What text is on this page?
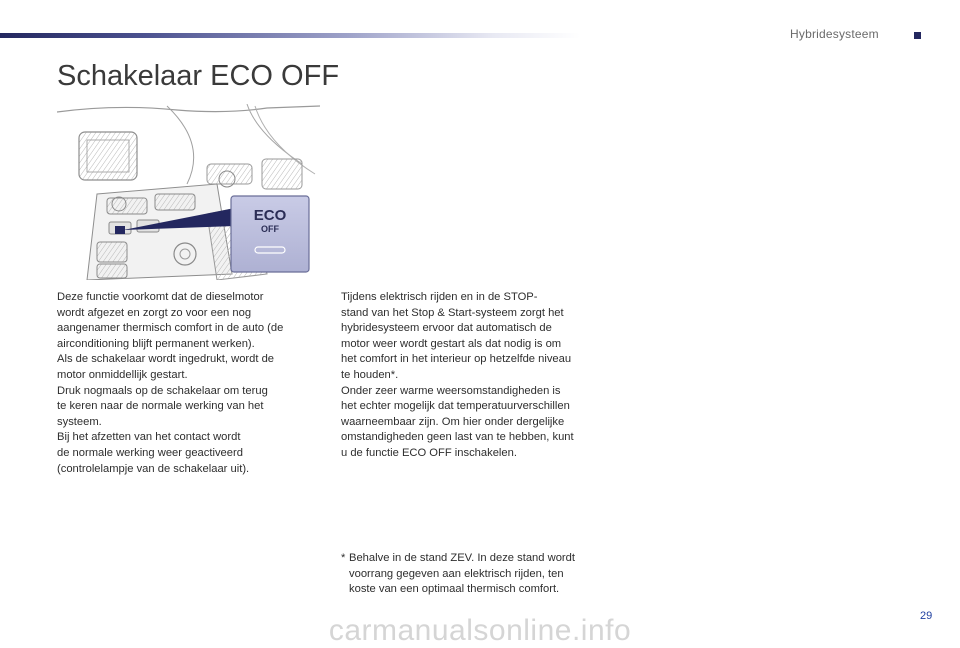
Hybridesysteem
Schakelaar ECO OFF
ECO
OFF

Deze functie voorkomt dat de dieselmotor
wordt afgezet en zorgt zo voor een nog
aangenamer thermisch comfort in de auto (de
airconditioning blijft permanent werken).
Als de schakelaar wordt ingedrukt, wordt de
motor onmiddellijk gestart.
Druk nogmaals op de schakelaar om terug
te keren naar de normale werking van het
systeem.
Bij het afzetten van het contact wordt
de normale werking weer geactiveerd
(controlelampje van de schakelaar uit).

Tijdens elektrisch rijden en in de STOP-
stand van het Stop & Start-systeem zorgt het
hybridesysteem ervoor dat automatisch de
motor weer wordt gestart als dat nodig is om
het comfort in het interieur op hetzelfde niveau
te houden*.
Onder zeer warme weersomstandigheden is
het echter mogelijk dat temperatuurverschillen
waarneembaar zijn. Om hier onder dergelijke
omstandigheden geen last van te hebben, kunt
u de functie ECO OFF inschakelen.

* Behalve in de stand ZEV. In deze stand wordt
voorrang gegeven aan elektrisch rijden, ten
koste van een optimaal thermisch comfort.
29
carmanualsonline.info
